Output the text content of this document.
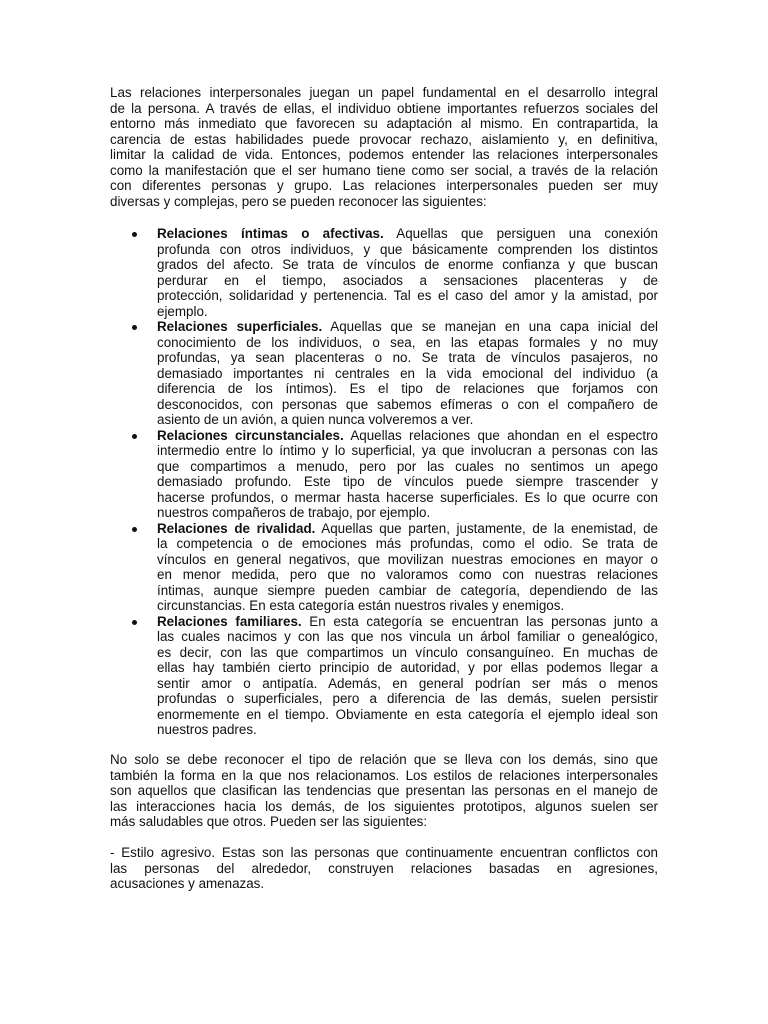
Las relaciones interpersonales juegan un papel fundamental en el desarrollo integral
de la persona. A través de ellas, el individuo obtiene importantes refuerzos sociales del
entorno más inmediato que favorecen su adaptación al mismo. En contrapartida, la
carencia de estas habilidades puede provocar rechazo, aislamiento y, en definitiva,
limitar la calidad de vida. Entonces, podemos entender las relaciones interpersonales
como la manifestación que el ser humano tiene como ser social, a través de la relación
con diferentes personas y grupo. Las relaciones interpersonales pueden ser muy
diversas y complejas, pero se pueden reconocer las siguientes:
Relaciones íntimas o afectivas. Aquellas que persiguen una conexión
profunda con otros individuos, y que básicamente comprenden los distintos
grados del afecto. Se trata de vínculos de enorme confianza y que buscan
perdurar en el tiempo, asociados a sensaciones placenteras y de
protección, solidaridad y pertenencia. Tal es el caso del amor y la amistad, por
ejemplo.
Relaciones superficiales. Aquellas que se manejan en una capa inicial del
conocimiento de los individuos, o sea, en las etapas formales y no muy
profundas, ya sean placenteras o no. Se trata de vínculos pasajeros, no
demasiado importantes ni centrales en la vida emocional del individuo (a
diferencia de los íntimos). Es el tipo de relaciones que forjamos con
desconocidos, con personas que sabemos efímeras o con el compañero de
asiento de un avión, a quien nunca volveremos a ver.
Relaciones circunstanciales. Aquellas relaciones que ahondan en el espectro
intermedio entre lo íntimo y lo superficial, ya que involucran a personas con las
que compartimos a menudo, pero por las cuales no sentimos un apego
demasiado profundo. Este tipo de vínculos puede siempre trascender y
hacerse profundos, o mermar hasta hacerse superficiales. Es lo que ocurre con
nuestros compañeros de trabajo, por ejemplo.
Relaciones de rivalidad. Aquellas que parten, justamente, de la enemistad, de
la competencia o de emociones más profundas, como el odio. Se trata de
vínculos en general negativos, que movilizan nuestras emociones en mayor o
en menor medida, pero que no valoramos como con nuestras relaciones
íntimas, aunque siempre pueden cambiar de categoría, dependiendo de las
circunstancias. En esta categoría están nuestros rivales y enemigos.
Relaciones familiares. En esta categoría se encuentran las personas junto a
las cuales nacimos y con las que nos vincula un árbol familiar o genealógico,
es decir, con las que compartimos un vínculo consanguíneo. En muchas de
ellas hay también cierto principio de autoridad, y por ellas podemos llegar a
sentir amor o antipatía. Además, en general podrían ser más o menos
profundas o superficiales, pero a diferencia de las demás, suelen persistir
enormemente en el tiempo. Obviamente en esta categoría el ejemplo ideal son
nuestros padres.
No solo se debe reconocer el tipo de relación que se lleva con los demás, sino que
también la forma en la que nos relacionamos. Los estilos de relaciones interpersonales
son aquellos que clasifican las tendencias que presentan las personas en el manejo de
las interacciones hacia los demás, de los siguientes prototipos, algunos suelen ser
más saludables que otros. Pueden ser las siguientes:
- Estilo agresivo. Estas son las personas que continuamente encuentran conflictos con
las personas del alrededor, construyen relaciones basadas en agresiones,
acusaciones y amenazas.
